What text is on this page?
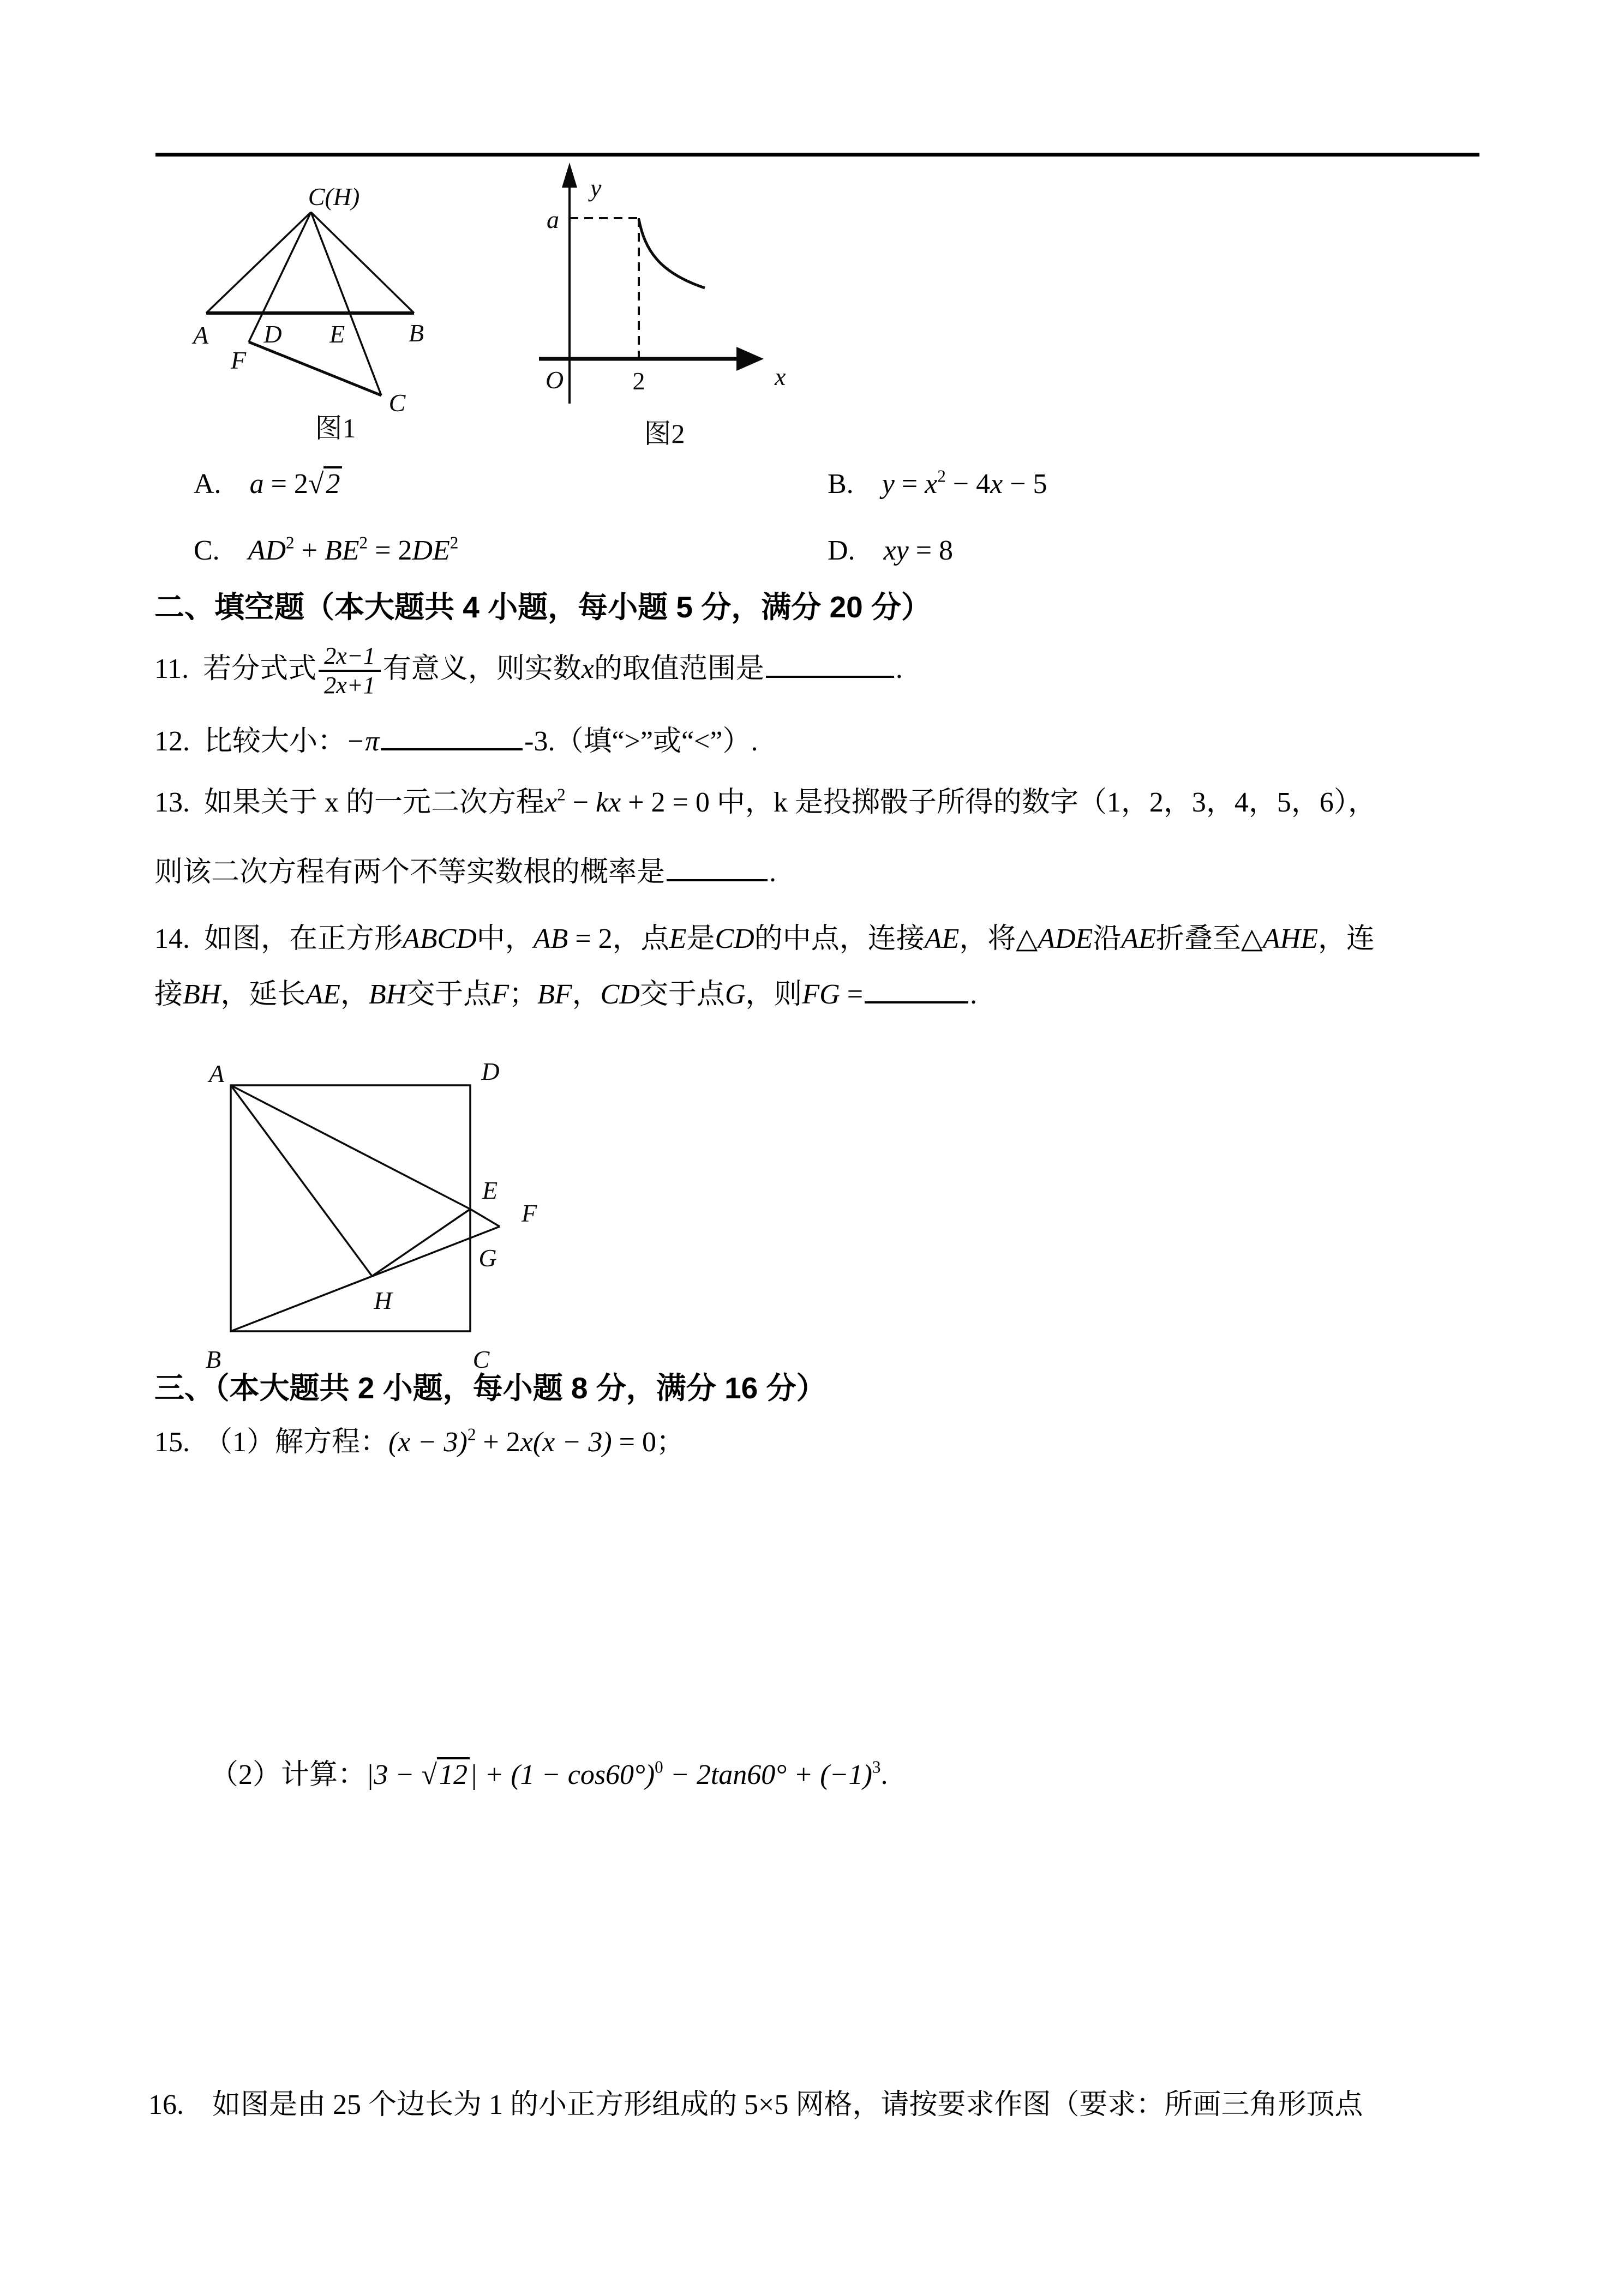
C(H)
A D E	B
F
C
图1
y
a
O	2	x
图2
A.  a = 2√2	B.  $y = x^2 - 4x - 5$
C.  $AD^2 + BE^2 = 2DE^2$	D.  xy = 8
二、填空题（本大题共 4 小题，每小题 5 分，满分 20 分）
11. 若分式式 $\frac{2x-1}{2x+1}$ 有意义，则实数x的取值范围是	.
12. 比较大小：−π	-3.（填“>”或“<”）.
13. 如果关于 x 的一元二次方程$x^2$ − kx + 2 = 0 中，k 是投掷骰子所得的数字（1，2，3，4，5，6），
则该二次方程有两个不等实数根的概率是	.
14. 如图，在正方形ABCD中，AB = 2，点E是CD的中点，连接AE，将△ADE沿AE折叠至△AHE，连
接BH，延长AE，BH交于点F；BF，CD交于点G，则FG =	.
A	D
B	C
E
F
G
H
三、（本大题共 2 小题，每小题 8 分，满分 16 分）
15. （1）解方程：$(x - 3)^2 + 2x(x - 3) = 0$；
（2）计算：$|3 - √12| + (1 - \cos 60^\circ)^0 - 2\tan 60^\circ + (-1)^3$.
16.　如图是由 25 个边长为 1 的小正方形组成的 5×5 网格，请按要求作图（要求：所画三角形顶点
